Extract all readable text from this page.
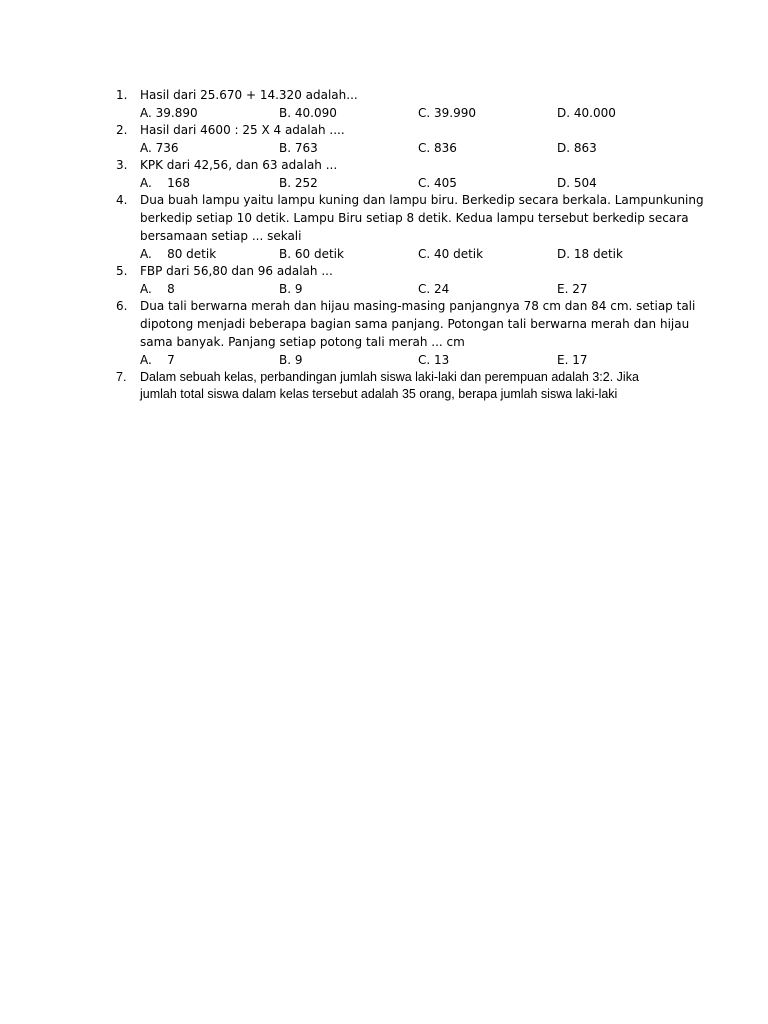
1.	Hasil dari 25.670 + 14.320 adalah...
A. 39.890	B. 40.090	C. 39.990	D. 40.000
2.	Hasil dari 4600 : 25 X 4 adalah ....
A. 736	B. 763	C. 836	D. 863
3.	KPK dari 42,56, dan 63 adalah ...
A.    168	B. 252	C. 405	D. 504
4.	Dua buah lampu yaitu lampu kuning dan lampu biru. Berkedip secara berkala. Lampunkuning
berkedip setiap 10 detik. Lampu Biru setiap 8 detik. Kedua lampu tersebut berkedip secara
bersamaan setiap ... sekali
A.    80 detik	B. 60 detik	C. 40 detik	D. 18 detik
5.	FBP dari 56,80 dan 96 adalah ...
A.    8	B. 9	C. 24	E. 27
6.	Dua tali berwarna merah dan hijau masing-masing panjangnya 78 cm dan 84 cm. setiap tali
dipotong menjadi beberapa bagian sama panjang. Potongan tali berwarna merah dan hijau
sama banyak. Panjang setiap potong tali merah ... cm
A.    7	B. 9	C. 13	E. 17
7.	Dalam sebuah kelas, perbandingan jumlah siswa laki-laki dan perempuan adalah 3:2. Jika
jumlah total siswa dalam kelas tersebut adalah 35 orang, berapa jumlah siswa laki-laki
